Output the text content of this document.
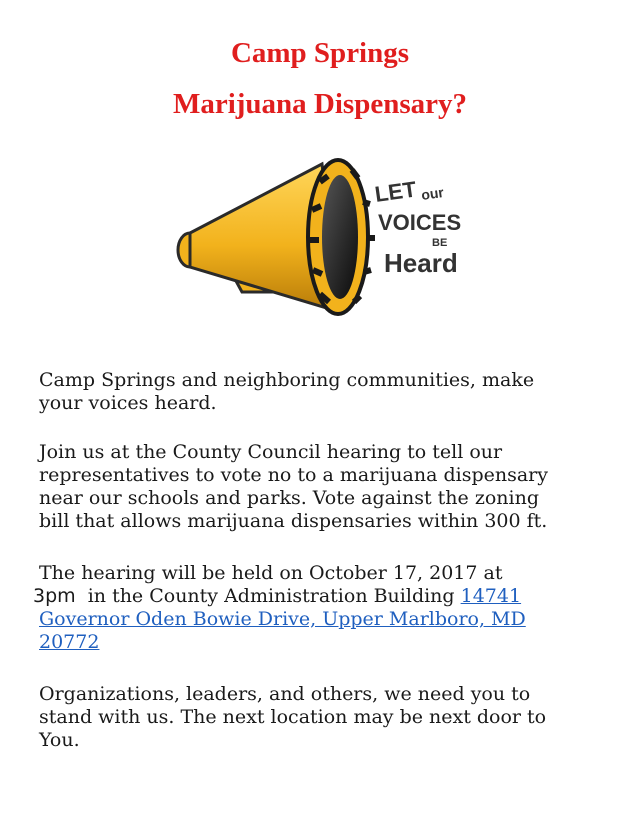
Camp Springs
Marijuana Dispensary?
LET our
VOICES
BE
Heard

Camp Springs and neighboring communities, make
your voices heard.

Join us at the County Council hearing to tell our
representatives to vote no to a marijuana dispensary
near our schools and parks. Vote against the zoning
bill that allows marijuana dispensaries within 300 ft.

The hearing will be held on October 17, 2017 at
3pm in the County Administration Building 14741
Governor Oden Bowie Drive, Upper Marlboro, MD
20772

Organizations, leaders, and others, we need you to
stand with us. The next location may be next door to
You.
